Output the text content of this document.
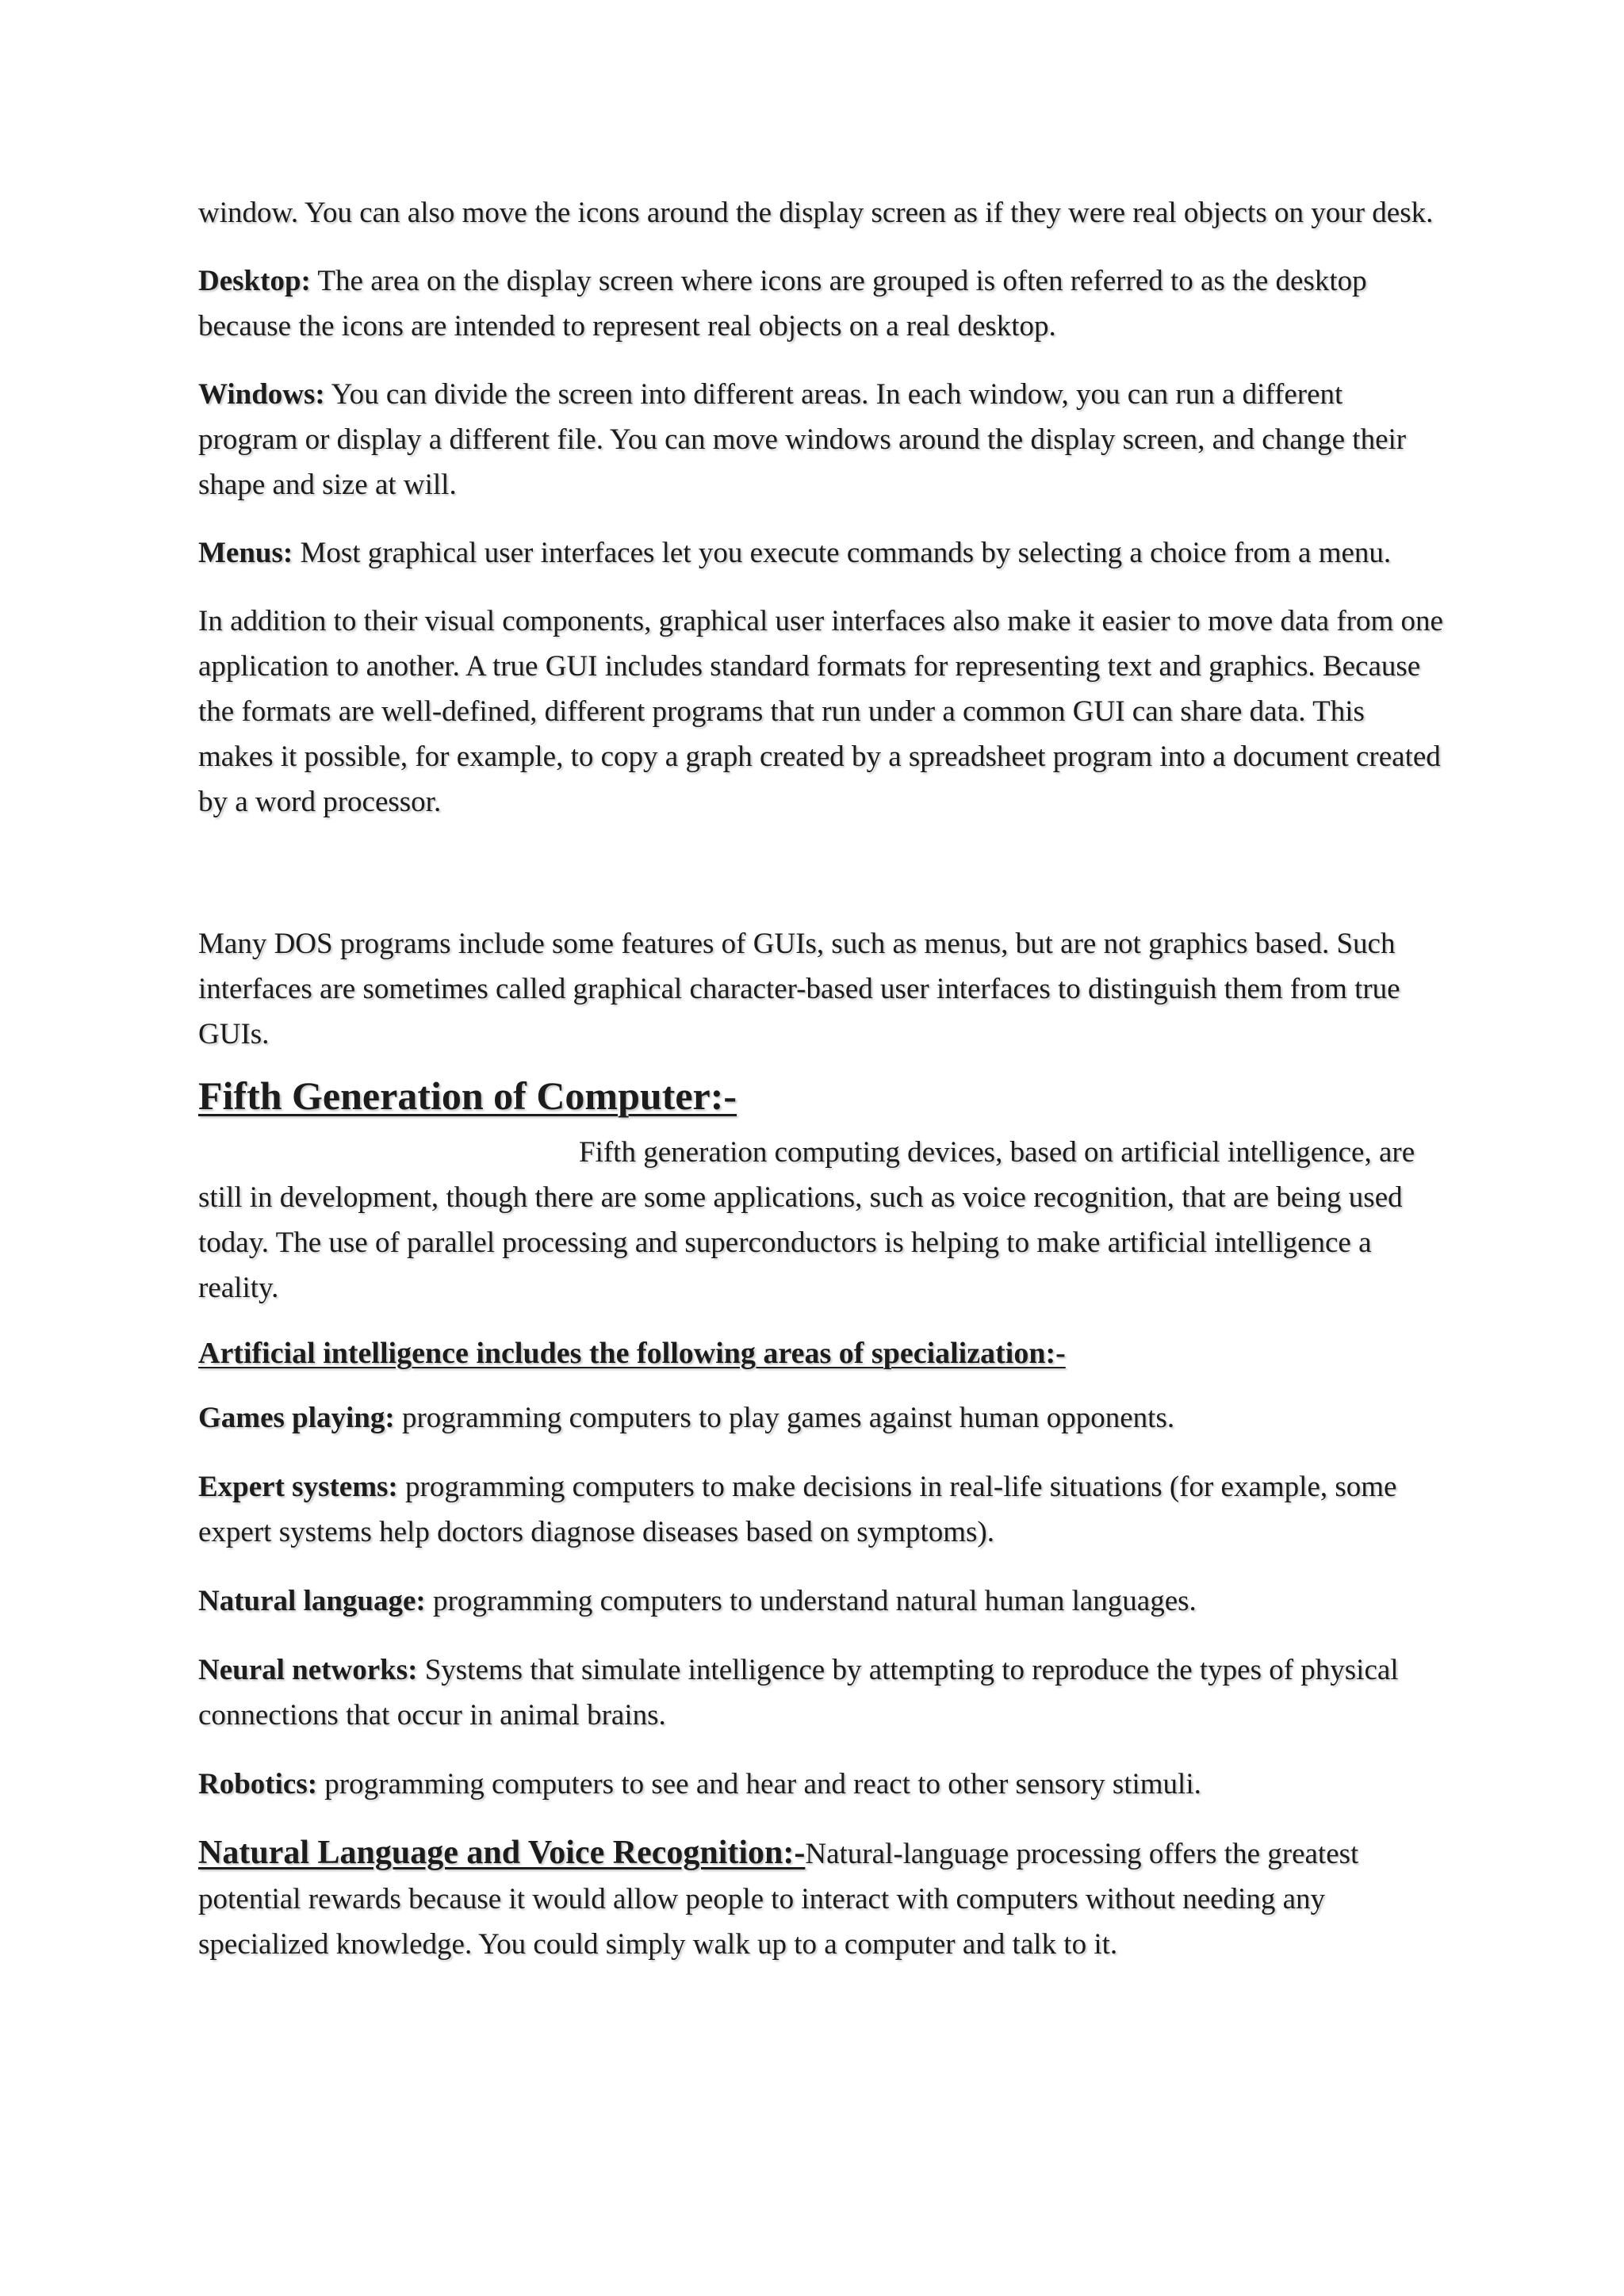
window. You can also move the icons around the display screen as if they were real objects on your desk.

Desktop: The area on the display screen where icons are grouped is often referred to as the desktop because the icons are intended to represent real objects on a real desktop.

Windows: You can divide the screen into different areas. In each window, you can run a different program or display a different file. You can move windows around the display screen, and change their shape and size at will.

Menus: Most graphical user interfaces let you execute commands by selecting a choice from a menu.

In addition to their visual components, graphical user interfaces also make it easier to move data from one application to another. A true GUI includes standard formats for representing text and graphics. Because the formats are well-defined, different programs that run under a common GUI can share data. This makes it possible, for example, to copy a graph created by a spreadsheet program into a document created by a word processor.

Many DOS programs include some features of GUIs, such as menus, but are not graphics based. Such interfaces are sometimes called graphical character-based user interfaces to distinguish them from true GUIs.

Fifth Generation of Computer:-

Fifth generation computing devices, based on artificial intelligence, are still in development, though there are some applications, such as voice recognition, that are being used today. The use of parallel processing and superconductors is helping to make artificial intelligence a reality.

Artificial intelligence includes the following areas of specialization:-

Games playing: programming computers to play games against human opponents.

Expert systems: programming computers to make decisions in real-life situations (for example, some expert systems help doctors diagnose diseases based on symptoms).

Natural language: programming computers to understand natural human languages.

Neural networks: Systems that simulate intelligence by attempting to reproduce the types of physical connections that occur in animal brains.

Robotics: programming computers to see and hear and react to other sensory stimuli.

Natural Language and Voice Recognition:-Natural-language processing offers the greatest potential rewards because it would allow people to interact with computers without needing any specialized knowledge. You could simply walk up to a computer and talk to it.
